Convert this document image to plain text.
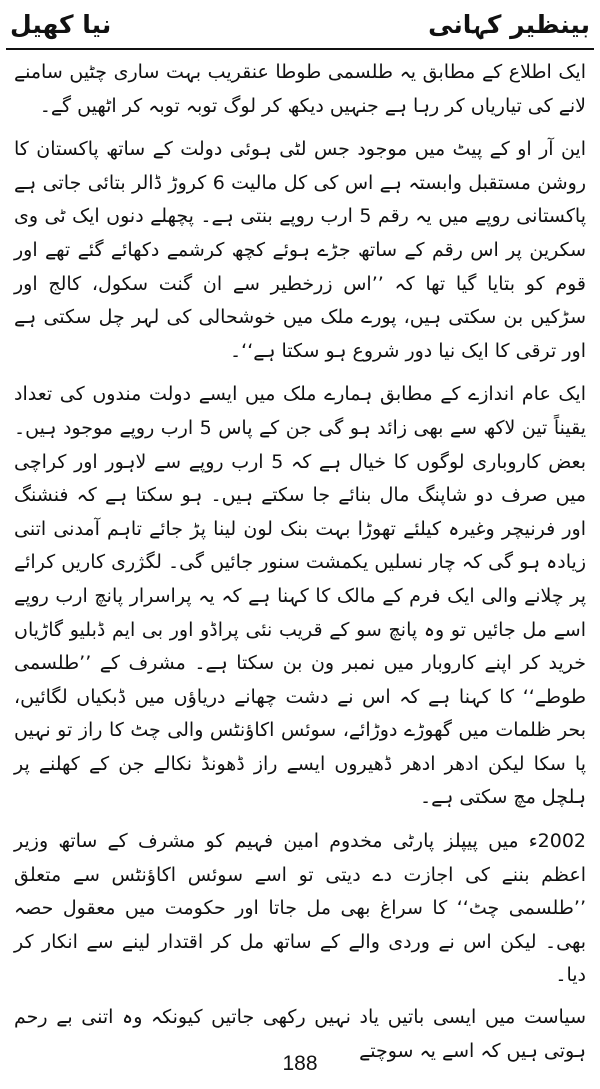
بینظیر کہانی
نیا کھیل

ایک اطلاع کے مطابق یہ طلسمی طوطا عنقریب بہت ساری چٹیں سامنے لانے کی تیاریاں کر رہا ہے جنہیں دیکھ کر لوگ توبہ توبہ کر اٹھیں گے۔

این آر او کے پیٹ میں موجود جس لٹی ہوئی دولت کے ساتھ پاکستان کا روشن مستقبل وابستہ ہے اس کی کل مالیت 6 کروڑ ڈالر بتائی جاتی ہے پاکستانی روپے میں یہ رقم 5 ارب روپے بنتی ہے۔ پچھلے دنوں ایک ٹی وی سکرین پر اس رقم کے ساتھ جڑے ہوئے کچھ کرشمے دکھائے گئے تھے اور قوم کو بتایا گیا تھا کہ ’’اس زرخطیر سے ان گنت سکول، کالج اور سڑکیں بن سکتی ہیں، پورے ملک میں خوشحالی کی لہر چل سکتی ہے اور ترقی کا ایک نیا دور شروع ہو سکتا ہے‘‘۔

ایک عام اندازے کے مطابق ہمارے ملک میں ایسے دولت مندوں کی تعداد یقیناً تین لاکھ سے بھی زائد ہو گی جن کے پاس 5 ارب روپے موجود ہیں۔ بعض کاروباری لوگوں کا خیال ہے کہ 5 ارب روپے سے لاہور اور کراچی میں صرف دو شاپنگ مال بنائے جا سکتے ہیں۔ ہو سکتا ہے کہ فنشنگ اور فرنیچر وغیرہ کیلئے تھوڑا بہت بنک لون لینا پڑ جائے تاہم آمدنی اتنی زیادہ ہو گی کہ چار نسلیں یکمشت سنور جائیں گی۔ لگژری کاریں کرائے پر چلانے والی ایک فرم کے مالک کا کہنا ہے کہ یہ پراسرار پانچ ارب روپے اسے مل جائیں تو وہ پانچ سو کے قریب نئی پراڈو اور بی ایم ڈبلیو گاڑیاں خرید کر اپنے کاروبار میں نمبر ون بن سکتا ہے۔ مشرف کے ’’طلسمی طوطے‘‘ کا کہنا ہے کہ اس نے دشت چھانے دریاؤں میں ڈبکیاں لگائیں، بحر ظلمات میں گھوڑے دوڑائے، سوئس اکاؤنٹس والی چٹ کا راز تو نہیں پا سکا لیکن ادھر ادھر ڈھیروں ایسے راز ڈھونڈ نکالے جن کے کھلنے پر ہلچل مچ سکتی ہے۔

2002ء میں پیپلز پارٹی مخدوم امین فہیم کو مشرف کے ساتھ وزیر اعظم بننے کی اجازت دے دیتی تو اسے سوئس اکاؤنٹس سے متعلق ’’طلسمی چٹ‘‘ کا سراغ بھی مل جاتا اور حکومت میں معقول حصہ بھی۔ لیکن اس نے وردی والے کے ساتھ مل کر اقتدار لینے سے انکار کر دیا۔

سیاست میں ایسی باتیں یاد نہیں رکھی جاتیں کیونکہ وہ اتنی بے رحم ہوتی ہیں کہ اسے یہ سوچتے

188
